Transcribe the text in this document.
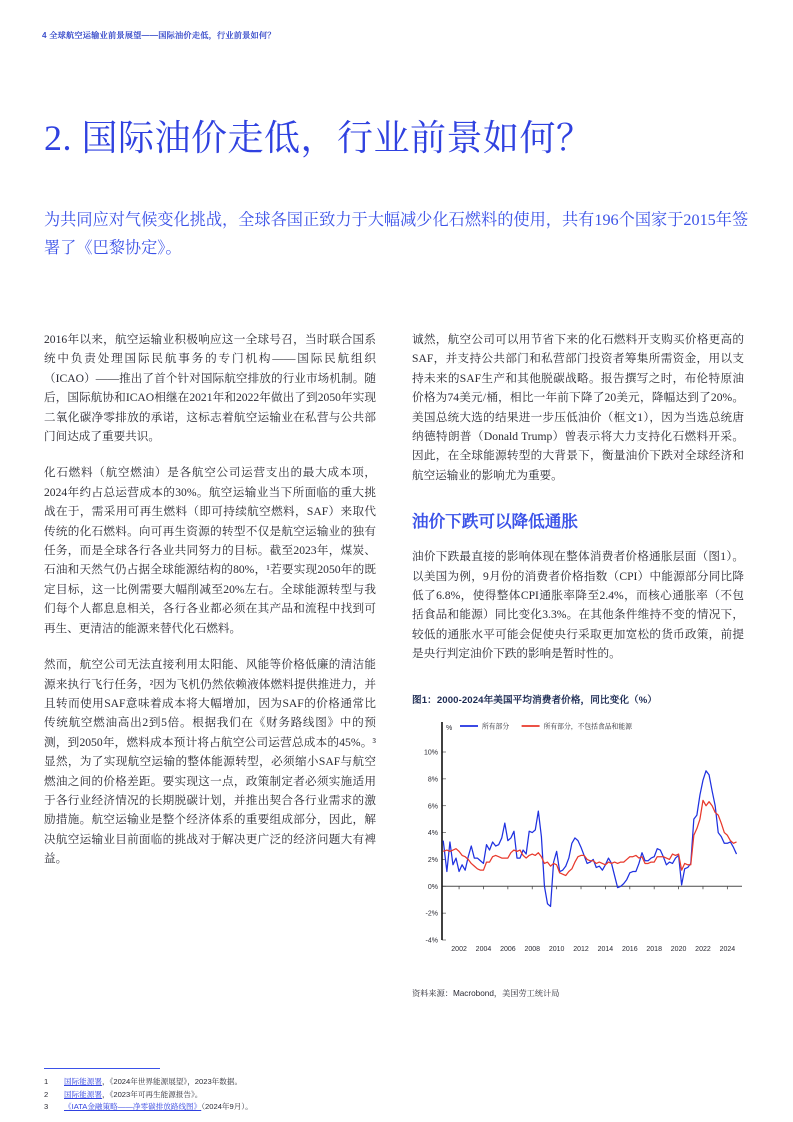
4 全球航空运输业前景展望——国际油价走低，行业前景如何？
2. 国际油价走低，行业前景如何？
为共同应对气候变化挑战，全球各国正致力于大幅减少化石燃料的使用，共有196个国家于2015年签署了《巴黎协定》。

2016年以来，航空运输业积极响应这一全球号召，当时联合国系统中负责处理国际民航事务的专门机构——国际民航组织（ICAO）——推出了首个针对国际航空排放的行业市场机制。随后，国际航协和ICAO相继在2021年和2022年做出了到2050年实现二氧化碳净零排放的承诺，这标志着航空运输业在私营与公共部门间达成了重要共识。

化石燃料（航空燃油）是各航空公司运营支出的最大成本项，2024年约占总运营成本的30%。航空运输业当下所面临的重大挑战在于，需采用可再生燃料（即可持续航空燃料，SAF）来取代传统的化石燃料。向可再生资源的转型不仅是航空运输业的独有任务，而是全球各行各业共同努力的目标。截至2023年，煤炭、石油和天然气仍占据全球能源结构的80%，¹若要实现2050年的既定目标，这一比例需要大幅削减至20%左右。全球能源转型与我们每个人都息息相关，各行各业都必须在其产品和流程中找到可再生、更清洁的能源来替代化石燃料。

然而，航空公司无法直接利用太阳能、风能等价格低廉的清洁能源来执行飞行任务，²因为飞机仍然依赖液体燃料提供推进力，并且转而使用SAF意味着成本将大幅增加，因为SAF的价格通常比传统航空燃油高出2到5倍。根据我们在《财务路线图》中的预测，到2050年，燃料成本预计将占航空公司运营总成本的45%。³显然，为了实现航空运输的整体能源转型，必须缩小SAF与航空燃油之间的价格差距。要实现这一点，政策制定者必须实施适用于各行业经济情况的长期脱碳计划，并推出契合各行业需求的激励措施。航空运输业是整个经济体系的重要组成部分，因此，解决航空运输业目前面临的挑战对于解决更广泛的经济问题大有裨益。

诚然，航空公司可以用节省下来的化石燃料开支购买价格更高的SAF，并支持公共部门和私营部门投资者筹集所需资金，用以支持未来的SAF生产和其他脱碳战略。报告撰写之时，布伦特原油价格为74美元/桶，相比一年前下降了20美元，降幅达到了20%。美国总统大选的结果进一步压低油价（框文1），因为当选总统唐纳德特朗普（Donald Trump）曾表示将大力支持化石燃料开采。因此，在全球能源转型的大背景下，衡量油价下跌对全球经济和航空运输业的影响尤为重要。

油价下跌可以降低通胀

油价下跌最直接的影响体现在整体消费者价格通胀层面（图1）。以美国为例，9月份的消费者价格指数（CPI）中能源部分同比降低了6.8%，使得整体CPI通胀率降至2.4%，而核心通胀率（不包括食品和能源）同比变化3.3%。在其他条件维持不变的情况下，较低的通胀水平可能会促使央行采取更加宽松的货币政策，前提是央行判定油价下跌的影响是暂时性的。

图1：2000-2024年美国平均消费者价格，同比变化（%）
%
-4%
-2%
0%
2%
4%
6%
8%
10%
2002 2004 2006 2008 2010 2012 2014 2016 2018 2020 2022 2024
所有部分	所有部分，不包括食品和能源
资料来源：Macrobond，美国劳工统计局
1 国际能源署，《2024年世界能源展望》，2023年数据。
2 国际能源署，《2023年可再生能源报告》。
3 《IATA金融策略——净零碳排放路线图》（2024年9月）。
